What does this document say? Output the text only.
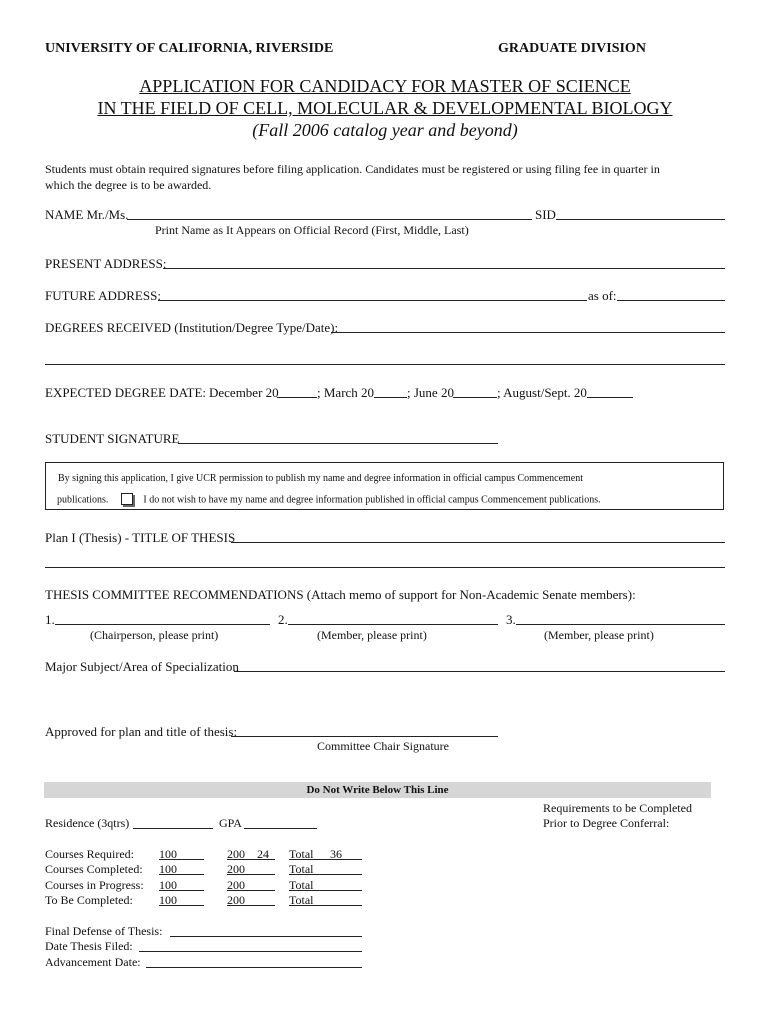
UNIVERSITY OF CALIFORNIA, RIVERSIDE	GRADUATE DIVISION
APPLICATION FOR CANDIDACY FOR MASTER OF SCIENCE
IN THE FIELD OF CELL, MOLECULAR & DEVELOPMENTAL BIOLOGY
(Fall 2006 catalog year and beyond)
Students must obtain required signatures before filing application. Candidates must be registered or using filing fee in quarter in
which the degree is to be awarded.
NAME Mr./Ms.	SID
Print Name as It Appears on Official Record (First, Middle, Last)
PRESENT ADDRESS:
FUTURE ADDRESS:	as of:
DEGREES RECEIVED (Institution/Degree Type/Date):
EXPECTED DEGREE DATE: December 20	; March 20	; June 20	; August/Sept. 20
STUDENT SIGNATURE
By signing this application, I give UCR permission to publish my name and degree information in official campus Commencement
publications.	I do not wish to have my name and degree information published in official campus Commencement publications.
Plan I (Thesis) - TITLE OF THESIS
THESIS COMMITTEE RECOMMENDATIONS (Attach memo of support for Non-Academic Senate members):
1.	2.	3.
(Chairperson, please print)	(Member, please print)	(Member, please print)
Major Subject/Area of Specialization
Approved for plan and title of thesis:
Committee Chair Signature
Do Not Write Below This Line
Requirements to be Completed
Prior to Degree Conferral:
Residence (3qtrs)	GPA
Courses Required: 100	200 24 Total 36
Courses Completed: 100	200	Total
Courses in Progress: 100	200	Total
To Be Completed: 100	200	Total
Final Defense of Thesis:
Date Thesis Filed:
Advancement Date:
